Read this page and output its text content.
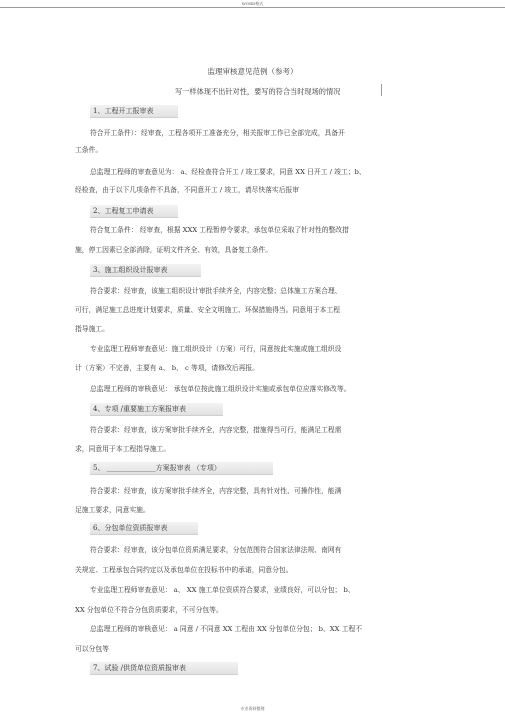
WORD格式
监理审核意见范例（参考）
写一样体现不出针对性，要写的符合当时现场的情况
1、工程开工报审表
符合开工条件）：经审查，工程各项开工准备充分，相关报审工作已全部完成，具备开
工条件。
总监理工程师的审查意见为： a、经检查符合开工 / 竣工要求，同意 XX 日开工 / 竣工；b、
经检查，由于以下几项条件不具备，不同意开工 / 竣工，请尽快落实后报审
2、工程复工申请表
符合复工条件： 经审查，根据 XXX 工程暂停令要求，承包单位采取了针对性的整改措
施，停工因素已全部消除，证明文件齐全、有效，具备复工条件。
3、施工组织设计报审表
符合要求：经审查，该施工组织设计审批手续齐全，内容完整；总体施工方案合理、
可行，满足施工总进度计划要求，质量、安全文明施工、环保措施得当。同意用于本工程
指导施工。
专业监理工程师审查意见：施工组织设计（方案）可行，同意按此实施或施工组织设
计（方案）不完善，主要有 a、 b、 c 等项，请修改后再报。
总监理工程师的审核意见： 承包单位按此施工组织设计实施或承包单位应落实修改等。
4、专项 /重要施工方案报审表
符合要求：经审查，该方案审批手续齐全，内容完整，措施得当可行，能满足工程需
求，同意用于本工程指导施工。
5、 ______________方案报审表 （专项）
符合要求：经审查，该方案审批手续齐全，内容完整，具有针对性、可操作性，能满
足施工要求，同意实施。
6、分包单位资质报审表
符合要求：经审查，该分包单位资质满足要求，分包范围符合国家法律法规、南网有
关规定、工程承包合同约定以及承包单位在投标书中的承诺，同意分包。
专业监理工程师审查意见： a、 XX 施工单位资质符合要求，业绩良好，可以分包； b、
XX 分包单位不符合分包资质要求，不可分包等。
总监理工程师的审核意见： a 同意 / 不同意 XX 工程由 XX 分包单位分包； b、XX 工程不
可以分包等
7、试验 /供货单位资质报审表
专业资料整理
